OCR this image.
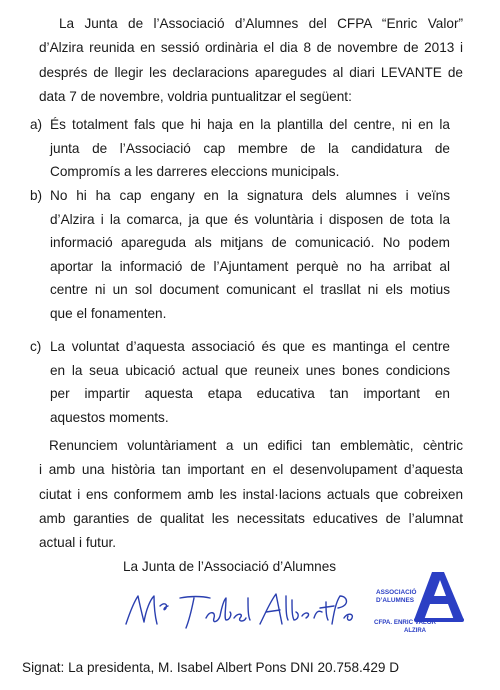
La Junta de l’Associació d’Alumnes del CFPA “Enric Valor”
d’Alzira reunida en sessió ordinària el dia 8 de novembre de 2013 i
després de llegir les declaracions aparegudes al diari LEVANTE de
data 7 de novembre, voldria puntualitzar el següent:
a) És totalment fals que hi haja en la plantilla del centre, ni en la
junta de l’Associació cap membre de la candidatura de
Compromís a les darreres eleccions municipals.
b) No hi ha cap engany en la signatura dels alumnes i veïns
d’Alzira i la comarca, ja que és voluntària i disposen de tota la
informació apareguda als mitjans de comunicació. No podem
aportar la informació de l’Ajuntament perquè no ha arribat al
centre ni un sol document comunicant el trasllat ni els motius
que el fonamenten.
c) La voluntat d’aquesta associació és que es mantinga el centre
en la seua ubicació actual que reuneix unes bones condicions
per impartir aquesta etapa educativa tan important en
aquestos moments.
Renunciem voluntàriament a un edifici tan emblemàtic, cèntric
i amb una història tan important en el desenvolupament d’aquesta
ciutat i ens conformem amb les instal·lacions actuals que cobreixen
amb garanties de qualitat les necessitats educatives de l’alumnat
actual i futur.
La Junta de l’Associació d’Alumnes
Mª Isabel Albert Pons
ASSOCIACIÓ
D’ALUMNES
CFPA. ENRIC VALOR
ALZIRA
Signat: La presidenta, M. Isabel Albert Pons DNI 20.758.429 D
